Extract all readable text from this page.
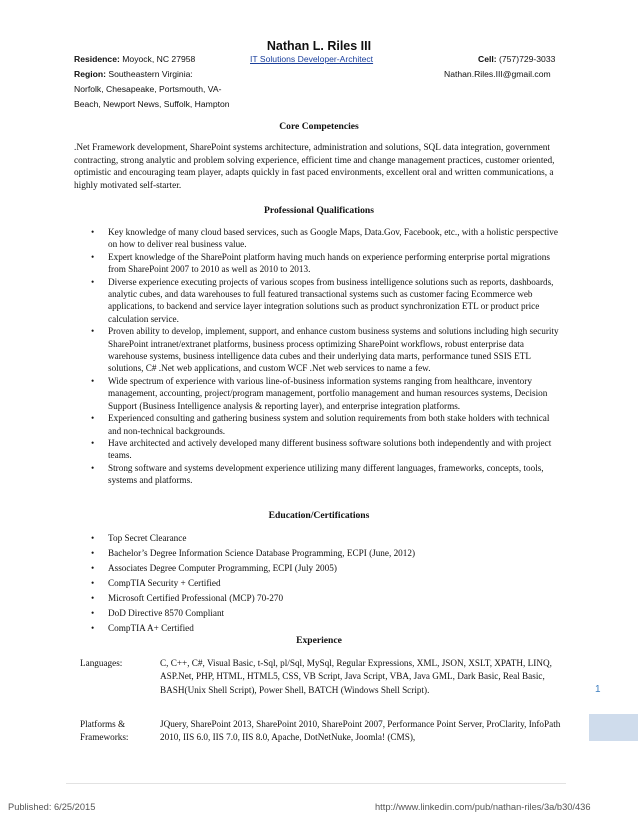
Nathan L. Riles III
Residence: Moyock, NC 27958	IT Solutions Developer-Architect	Cell: (757)729-3033
Region: Southeastern Virginia:	Nathan.Riles.III@gmail.com
Norfolk, Chesapeake, Portsmouth, VA-
Beach, Newport News, Suffolk, Hampton
Core Competencies
.Net Framework development, SharePoint systems architecture, administration and solutions, SQL data integration, government contracting, strong analytic and problem solving experience, efficient time and change management practices, customer oriented, optimistic and encouraging team player, adapts quickly in fast paced environments, excellent oral and written communications, a highly motivated self-starter.
Professional Qualifications
• Key knowledge of many cloud based services, such as Google Maps, Data.Gov, Facebook, etc., with a holistic perspective on how to deliver real business value.
• Expert knowledge of the SharePoint platform having much hands on experience performing enterprise portal migrations from SharePoint 2007 to 2010 as well as 2010 to 2013.
• Diverse experience executing projects of various scopes from business intelligence solutions such as reports, dashboards, analytic cubes, and data warehouses to full featured transactional systems such as customer facing Ecommerce web applications, to backend and service layer integration solutions such as product synchronization ETL or product price calculation service.
• Proven ability to develop, implement, support, and enhance custom business systems and solutions including high security SharePoint intranet/extranet platforms, business process optimizing SharePoint workflows, robust enterprise data warehouse systems, business intelligence data cubes and their underlying data marts, performance tuned SSIS ETL solutions, C# .Net web applications, and custom WCF .Net web services to name a few.
• Wide spectrum of experience with various line-of-business information systems ranging from healthcare, inventory management, accounting, project/program management, portfolio management and human resources systems, Decision Support (Business Intelligence analysis & reporting layer), and enterprise integration platforms.
• Experienced consulting and gathering business system and solution requirements from both stake holders with technical and non-technical backgrounds.
• Have architected and actively developed many different business software solutions both independently and with project teams.
• Strong software and systems development experience utilizing many different languages, frameworks, concepts, tools, systems and platforms.
Education/Certifications
• Top Secret Clearance
• Bachelor’s Degree Information Science Database Programming, ECPI (June, 2012)
• Associates Degree Computer Programming, ECPI (July 2005)
• CompTIA Security + Certified
• Microsoft Certified Professional (MCP) 70-270
• DoD Directive 8570 Compliant
• CompTIA A+ Certified
Experience
Languages:	C, C++, C#, Visual Basic, t-Sql, pl/Sql, MySql, Regular Expressions, XML, JSON, XSLT, XPATH, LINQ, ASP.Net, PHP, HTML, HTML5, CSS, VB Script, Java Script, VBA, Java GML, Dark Basic, Real Basic, BASH(Unix Shell Script), Power Shell, BATCH (Windows Shell Script).
Platforms &
Frameworks:
JQuery, SharePoint 2013, SharePoint 2010, SharePoint 2007, Performance Point Server, ProClarity, InfoPath 2010, IIS 6.0, IIS 7.0, IIS 8.0, Apache, DotNetNuke, Joomla! (CMS),
1
Published: 6/25/2015	http://www.linkedin.com/pub/nathan-riles/3a/b30/436
